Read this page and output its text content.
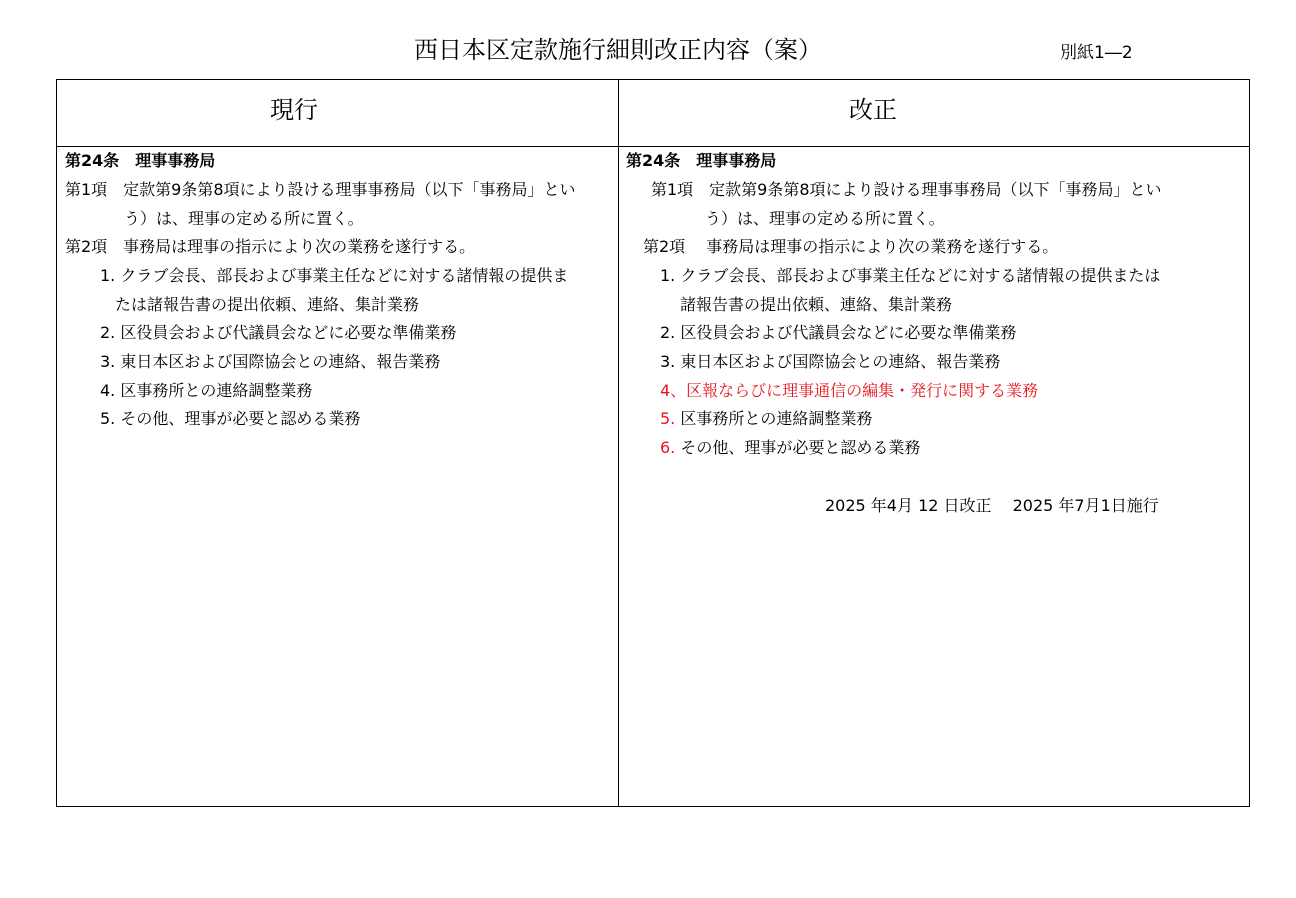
西日本区定款施行細則改正内容（案）	別紙1―2
現行
第24条　理事事務局
第1項　定款第9条第8項により設ける理事事務局（以下「事務局」とい
う）は、理事の定める所に置く。
第2項　事務局は理事の指示により次の業務を遂行する。
1. クラブ会長、部長および事業主任などに対する諸情報の提供ま
たは諸報告書の提出依頼、連絡、集計業務
2. 区役員会および代議員会などに必要な準備業務
3. 東日本区および国際協会との連絡、報告業務
4. 区事務所との連絡調整業務
5. その他、理事が必要と認める業務
改正
第24条　理事事務局
第1項　定款第9条第8項により設ける理事事務局（以下「事務局」とい
う）は、理事の定める所に置く。
第2項　 事務局は理事の指示により次の業務を遂行する。
1. クラブ会長、部長および事業主任などに対する諸情報の提供または
諸報告書の提出依頼、連絡、集計業務
2. 区役員会および代議員会などに必要な準備業務
3. 東日本区および国際協会との連絡、報告業務
4、区報ならびに理事通信の編集・発行に関する業務
5. 区事務所との連絡調整業務
6. その他、理事が必要と認める業務
2025 年4月 12 日改正　 2025 年7月1日施行
